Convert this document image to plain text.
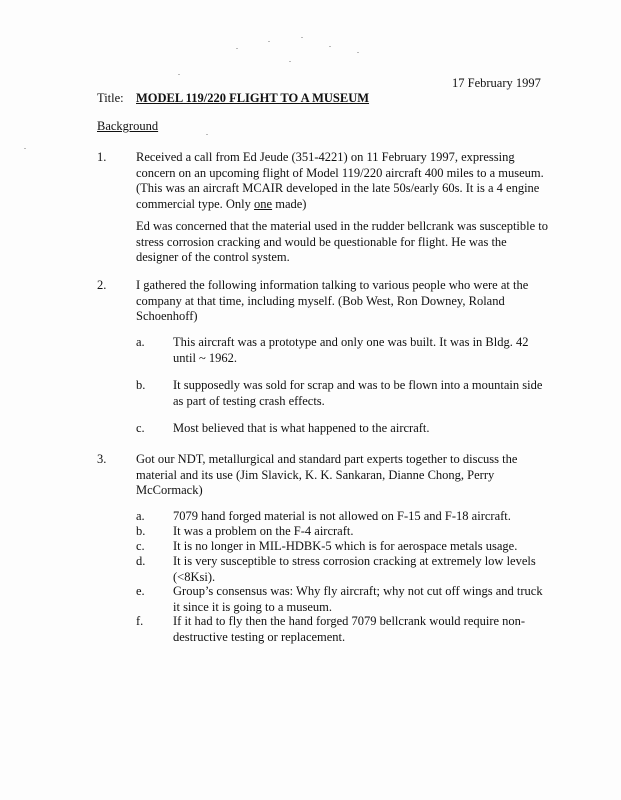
17 February 1997
Title: MODEL 119/220 FLIGHT TO A MUSEUM
Background
1. Received a call from Ed Jeude (351-4221) on 11 February 1997, expressing
concern on an upcoming flight of Model 119/220 aircraft 400 miles to a museum.
(This was an aircraft MCAIR developed in the late 50s/early 60s. It is a 4 engine
commercial type. Only one made)
Ed was concerned that the material used in the rudder bellcrank was susceptible to
stress corrosion cracking and would be questionable for flight. He was the
designer of the control system.
2. I gathered the following information talking to various people who were at the
company at that time, including myself. (Bob West, Ron Downey, Roland
Schoenhoff)
a. This aircraft was a prototype and only one was built. It was in Bldg. 42
until ~ 1962.
b. It supposedly was sold for scrap and was to be flown into a mountain side
as part of testing crash effects.
c. Most believed that is what happened to the aircraft.
3. Got our NDT, metallurgical and standard part experts together to discuss the
material and its use (Jim Slavick, K. K. Sankaran, Dianne Chong, Perry
McCormack)
a. 7079 hand forged material is not allowed on F-15 and F-18 aircraft.
b. It was a problem on the F-4 aircraft.
c. It is no longer in MIL-HDBK-5 which is for aerospace metals usage.
d. It is very susceptible to stress corrosion cracking at extremely low levels
(<8Ksi).
e. Group’s consensus was: Why fly aircraft; why not cut off wings and truck
it since it is going to a museum.
f. If it had to fly then the hand forged 7079 bellcrank would require non-
destructive testing or replacement.
